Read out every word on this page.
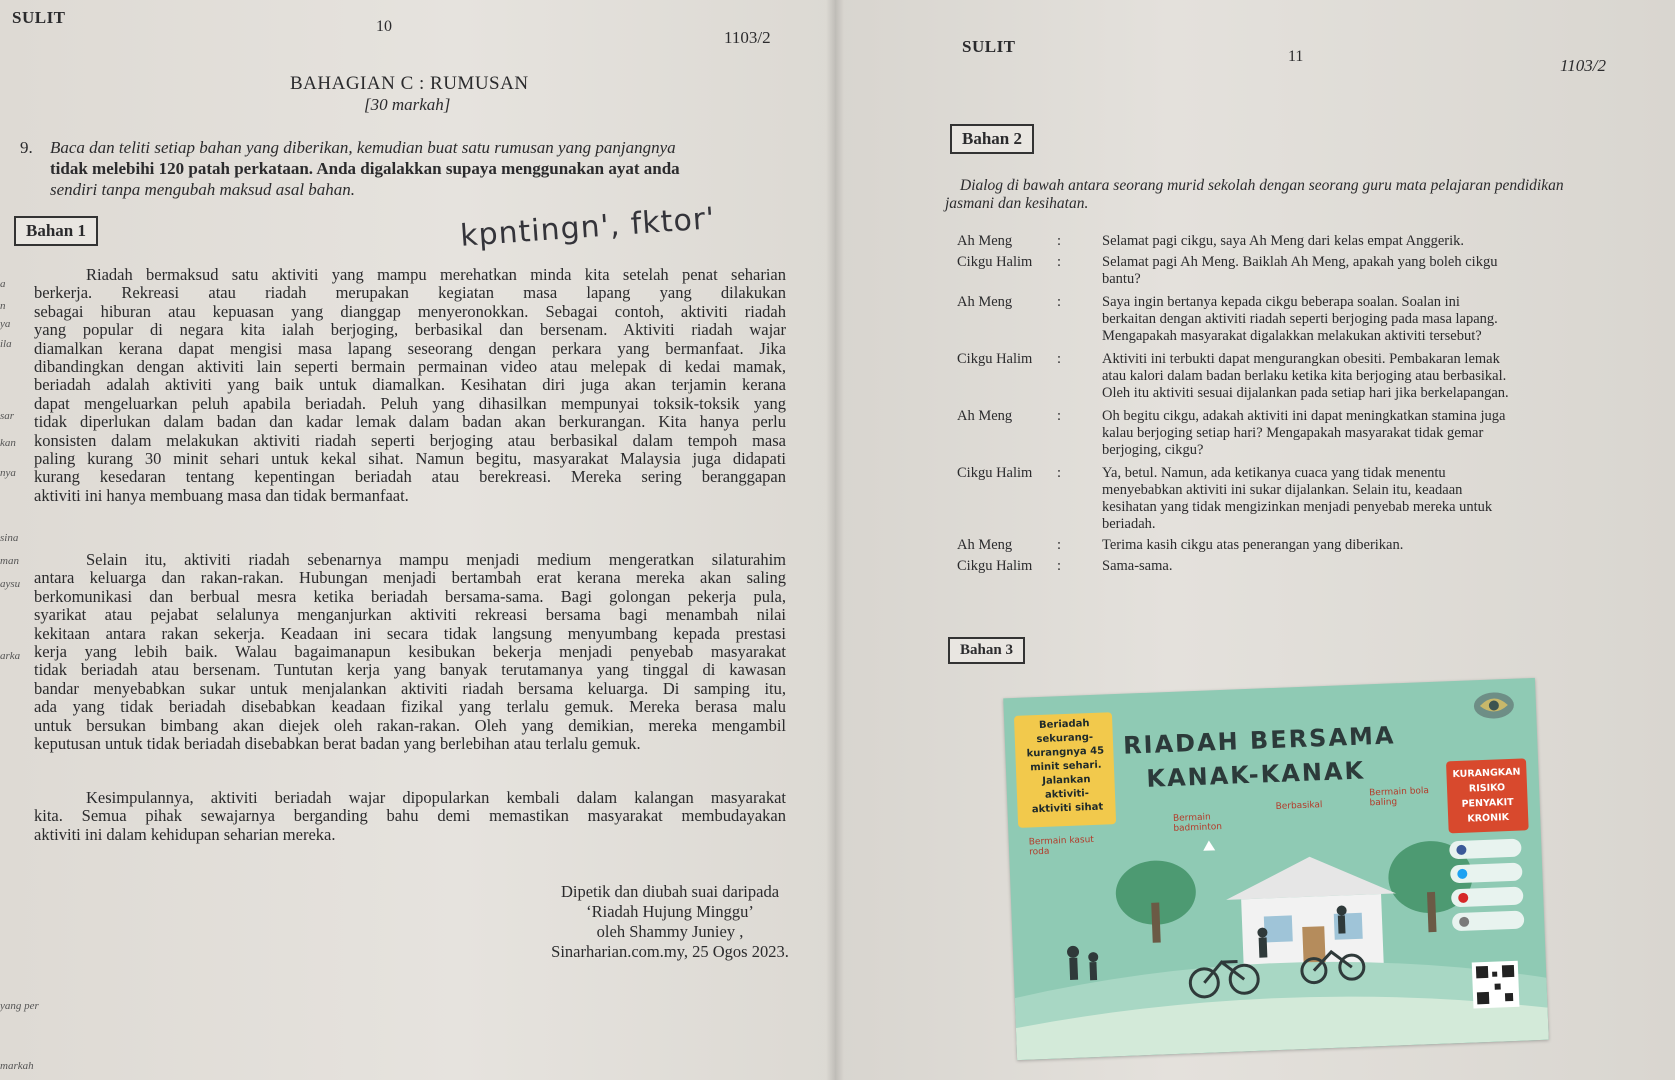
SULIT	10
1103/2
BAHAGIAN C : RUMUSAN
[30 markah]
9. Baca dan teliti setiap bahan yang diberikan, kemudian buat satu rumusan yang panjangnya
tidak melebihi 120 patah perkataan. Anda digalakkan supaya menggunakan ayat anda
sendiri tanpa mengubah maksud asal bahan.
Bahan 1	kpntingn', fktor'
a
n
ya
ila
sar
kan
nya
sina
man
aysu
arka
yang per
markah
Riadah bermaksud satu aktiviti yang mampu merehatkan minda kita setelah penat seharian
berkerja. Rekreasi atau riadah merupakan kegiatan masa lapang yang dilakukan
sebagai hiburan atau kepuasan yang dianggap menyeronokkan. Sebagai contoh, aktiviti riadah
yang popular di negara kita ialah berjoging, berbasikal dan bersenam. Aktiviti riadah wajar
diamalkan kerana dapat mengisi masa lapang seseorang dengan perkara yang bermanfaat. Jika
dibandingkan dengan aktiviti lain seperti bermain permainan video atau melepak di kedai mamak,
beriadah adalah aktiviti yang baik untuk diamalkan. Kesihatan diri juga akan terjamin kerana
dapat mengeluarkan peluh apabila beriadah. Peluh yang dihasilkan mempunyai toksik-toksik yang
tidak diperlukan dalam badan dan kadar lemak dalam badan akan berkurangan. Kita hanya perlu
konsisten dalam melakukan aktiviti riadah seperti berjoging atau berbasikal dalam tempoh masa
paling kurang 30 minit sehari untuk kekal sihat. Namun begitu, masyarakat Malaysia juga didapati
kurang kesedaran tentang kepentingan beriadah atau berekreasi. Mereka sering beranggapan
aktiviti ini hanya membuang masa dan tidak bermanfaat.
Selain itu, aktiviti riadah sebenarnya mampu menjadi medium mengeratkan silaturahim
antara keluarga dan rakan-rakan. Hubungan menjadi bertambah erat kerana mereka akan saling
berkomunikasi dan berbual mesra ketika beriadah bersama-sama. Bagi golongan pekerja pula,
syarikat atau pejabat selalunya menganjurkan aktiviti rekreasi bersama bagi menambah nilai
kekitaan antara rakan sekerja. Keadaan ini secara tidak langsung menyumbang kepada prestasi
kerja yang lebih baik. Walau bagaimanapun kesibukan bekerja menjadi penyebab masyarakat
tidak beriadah atau bersenam. Tuntutan kerja yang banyak terutamanya yang tinggal di kawasan
bandar menyebabkan sukar untuk menjalankan aktiviti riadah bersama keluarga. Di samping itu,
ada yang tidak beriadah disebabkan keadaan fizikal yang terlalu gemuk. Mereka berasa malu
untuk bersukan bimbang akan diejek oleh rakan-rakan. Oleh yang demikian, mereka mengambil
keputusan untuk tidak beriadah disebabkan berat badan yang berlebihan atau terlalu gemuk.
Kesimpulannya, aktiviti beriadah wajar dipopularkan kembali dalam kalangan masyarakat
kita. Semua pihak sewajarnya berganding bahu demi memastikan masyarakat membudayakan
aktiviti ini dalam kehidupan seharian mereka.
Dipetik dan diubah suai daripada
‘Riadah Hujung Minggu’
oleh Shammy Juniey ,
Sinarharian.com.my, 25 Ogos 2023.
SULIT
11	1103/2
Bahan 2
Dialog di bawah antara seorang murid sekolah dengan seorang guru mata pelajaran pendidikan
jasmani dan kesihatan.
Ah Meng	:	Selamat pagi cikgu, saya Ah Meng dari kelas empat Anggerik.
Cikgu Halim	:	Selamat pagi Ah Meng. Baiklah Ah Meng, apakah yang boleh cikgu
bantu?
Ah Meng	:	Saya ingin bertanya kepada cikgu beberapa soalan. Soalan ini
berkaitan dengan aktiviti riadah seperti berjoging pada masa lapang.
Mengapakah masyarakat digalakkan melakukan aktiviti tersebut?
Cikgu Halim	:	Aktiviti ini terbukti dapat mengurangkan obesiti. Pembakaran lemak
atau kalori dalam badan berlaku ketika kita berjoging atau berbasikal.
Oleh itu aktiviti sesuai dijalankan pada setiap hari jika berkelapangan.
Ah Meng	:	Oh begitu cikgu, adakah aktiviti ini dapat meningkatkan stamina juga
kalau berjoging setiap hari? Mengapakah masyarakat tidak gemar
berjoging, cikgu?
Cikgu Halim	:	Ya, betul. Namun, ada ketikanya cuaca yang tidak menentu
menyebabkan aktiviti ini sukar dijalankan. Selain itu, keadaan
kesihatan yang tidak mengizinkan menjadi penyebab mereka untuk
beriadah.
Ah Meng	:	Terima kasih cikgu atas penerangan yang diberikan.
Cikgu Halim	:	Sama-sama.
Bahan 3
Beriadah
sekurang-
kurangnya 45
minit sehari.
Jalankan
aktiviti-
aktiviti sihat
RIADAH BERSAMA
KANAK-KANAK	KURANGKAN
RISIKO
PENYAKIT
KRONIK
Bermain kasut roda
Bermain badminton
Berbasikal
Bermain bola baling
